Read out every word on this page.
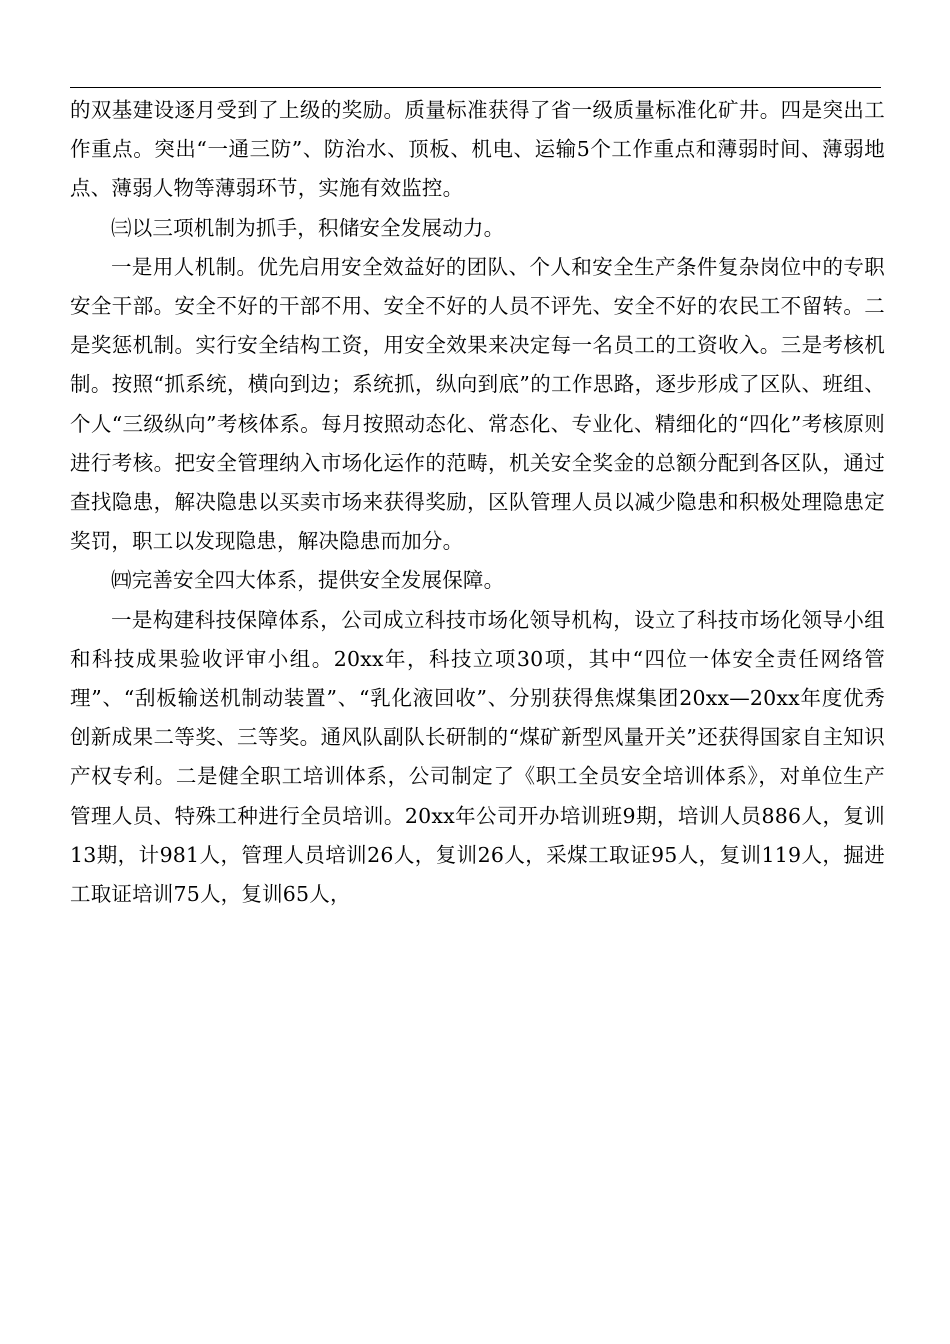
的双基建设逐月受到了上级的奖励。质量标准获得了省一级质量标准化矿井。四是突出工作重点。突出“一通三防”、防治水、顶板、机电、运输5个工作重点和薄弱时间、薄弱地点、薄弱人物等薄弱环节，实施有效监控。

㈢以三项机制为抓手，积储安全发展动力。

一是用人机制。优先启用安全效益好的团队、个人和安全生产条件复杂岗位中的专职安全干部。安全不好的干部不用、安全不好的人员不评先、安全不好的农民工不留转。二是奖惩机制。实行安全结构工资，用安全效果来决定每一名员工的工资收入。三是考核机制。按照“抓系统，横向到边；系统抓，纵向到底”的工作思路，逐步形成了区队、班组、个人“三级纵向”考核体系。每月按照动态化、常态化、专业化、精细化的“四化”考核原则进行考核。把安全管理纳入市场化运作的范畴，机关安全奖金的总额分配到各区队，通过查找隐患，解决隐患以买卖市场来获得奖励，区队管理人员以减少隐患和积极处理隐患定奖罚，职工以发现隐患，解决隐患而加分。

㈣完善安全四大体系，提供安全发展保障。

一是构建科技保障体系，公司成立科技市场化领导机构，设立了科技市场化领导小组和科技成果验收评审小组。20xx年，科技立项30项，其中“四位一体安全责任网络管理”、“刮板输送机制动装置”、“乳化液回收”、分别获得焦煤集团20xx—20xx年度优秀创新成果二等奖、三等奖。通风队副队长研制的“煤矿新型风量开关”还获得国家自主知识产权专利。二是健全职工培训体系，公司制定了《职工全员安全培训体系》，对单位生产管理人员、特殊工种进行全员培训。20xx年公司开办培训班9期，培训人员886人，复训13期，计981人，管理人员培训26人，复训26人，采煤工取证95人，复训119人，掘进工取证培训75人，复训65人，
